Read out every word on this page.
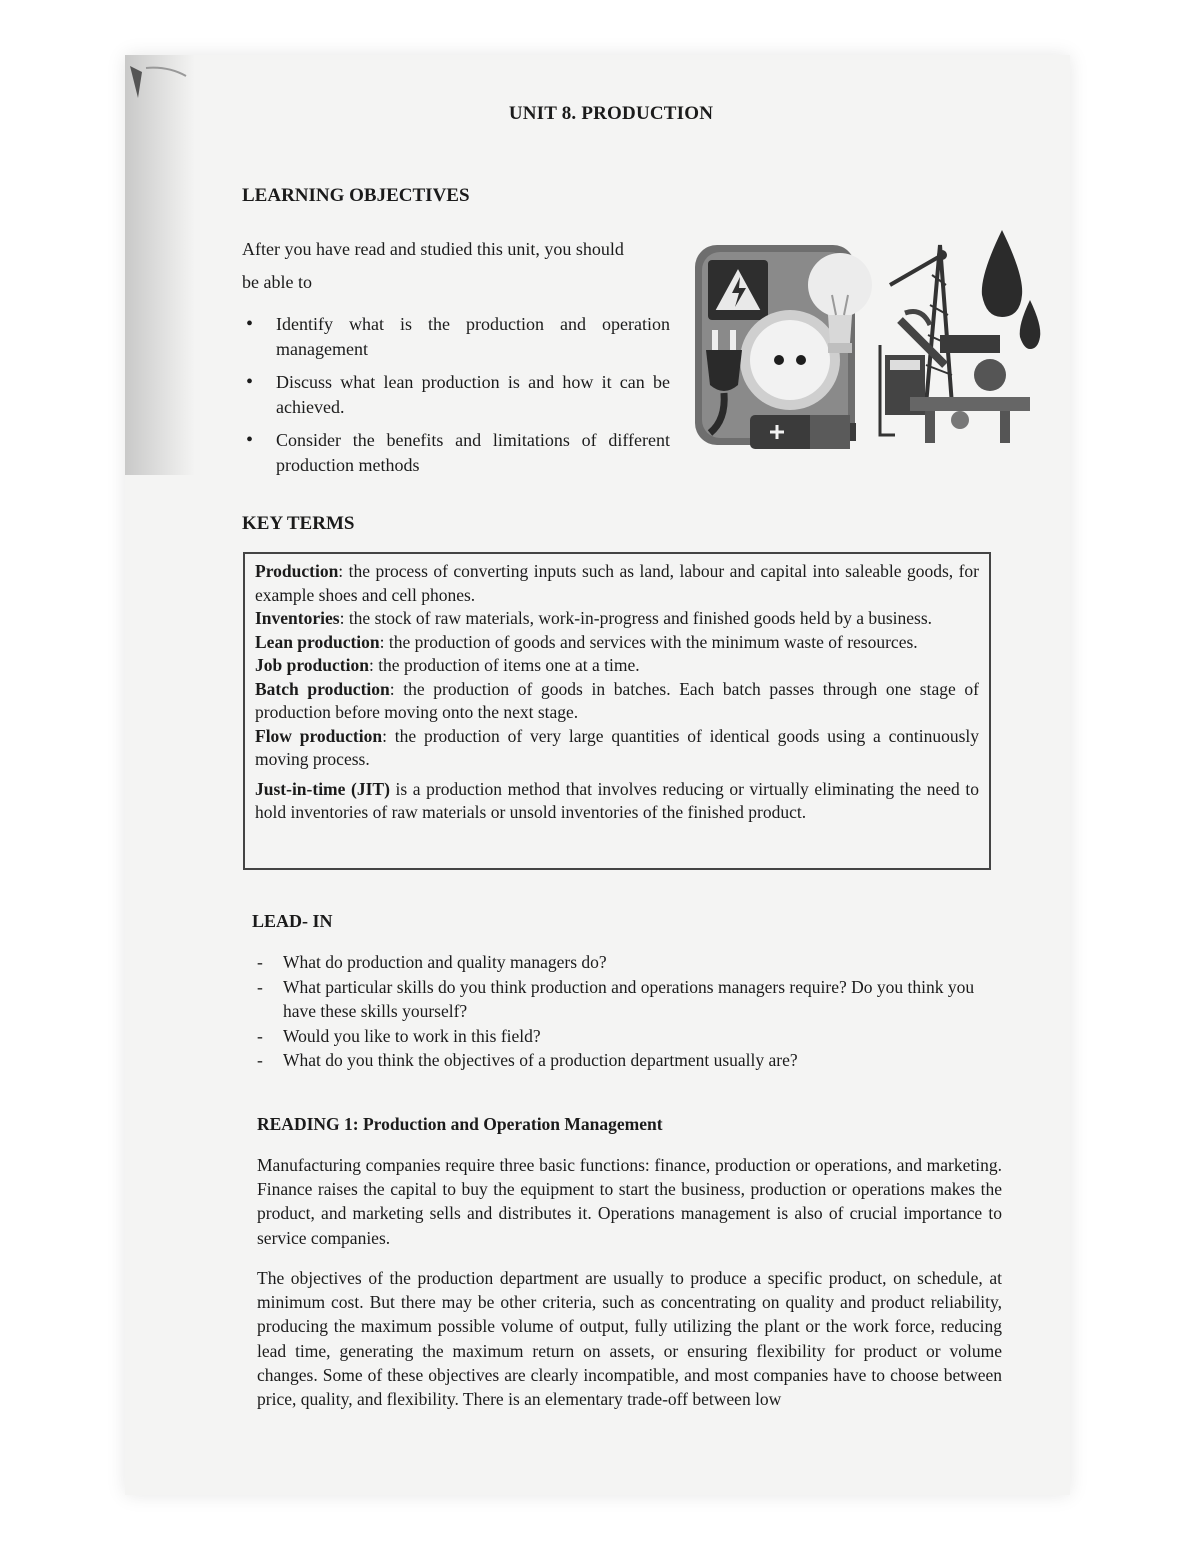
UNIT 8. PRODUCTION
LEARNING OBJECTIVES

After you have read and studied this unit, you should

be able to

• Identify what is the production and operation management
• Discuss what lean production is and how it can be achieved.
• Consider the benefits and limitations of different production methods
KEY TERMS

Production: the process of converting inputs such as land, labour and capital into saleable goods, for example shoes and cell phones.

Inventories: the stock of raw materials, work-in-progress and finished goods held by a business.

Lean production: the production of goods and services with the minimum waste of resources.

Job production: the production of items one at a time.

Batch production: the production of goods in batches. Each batch passes through one stage of production before moving onto the next stage.

Flow production: the production of very large quantities of identical goods using a continuously moving process.

Just-in-time (JIT) is a production method that involves reducing or virtually eliminating the need to hold inventories of raw materials or unsold inventories of the finished product.

LEAD- IN
- What do production and quality managers do?
- What particular skills do you think production and operations managers require? Do you think you have these skills yourself?
- Would you like to work in this field?
- What do you think the objectives of a production department usually are?
READING 1: Production and Operation Management

Manufacturing companies require three basic functions: finance, production or operations, and marketing. Finance raises the capital to buy the equipment to start the business, production or operations makes the product, and marketing sells and distributes it. Operations management is also of crucial importance to service companies.

The objectives of the production department are usually to produce a specific product, on schedule, at minimum cost. But there may be other criteria, such as concentrating on quality and product reliability, producing the maximum possible volume of output, fully utilizing the plant or the work force, reducing lead time, generating the maximum return on assets, or ensuring flexibility for product or volume changes. Some of these objectives are clearly incompatible, and most companies have to choose between price, quality, and flexibility. There is an elementary trade-off between low
